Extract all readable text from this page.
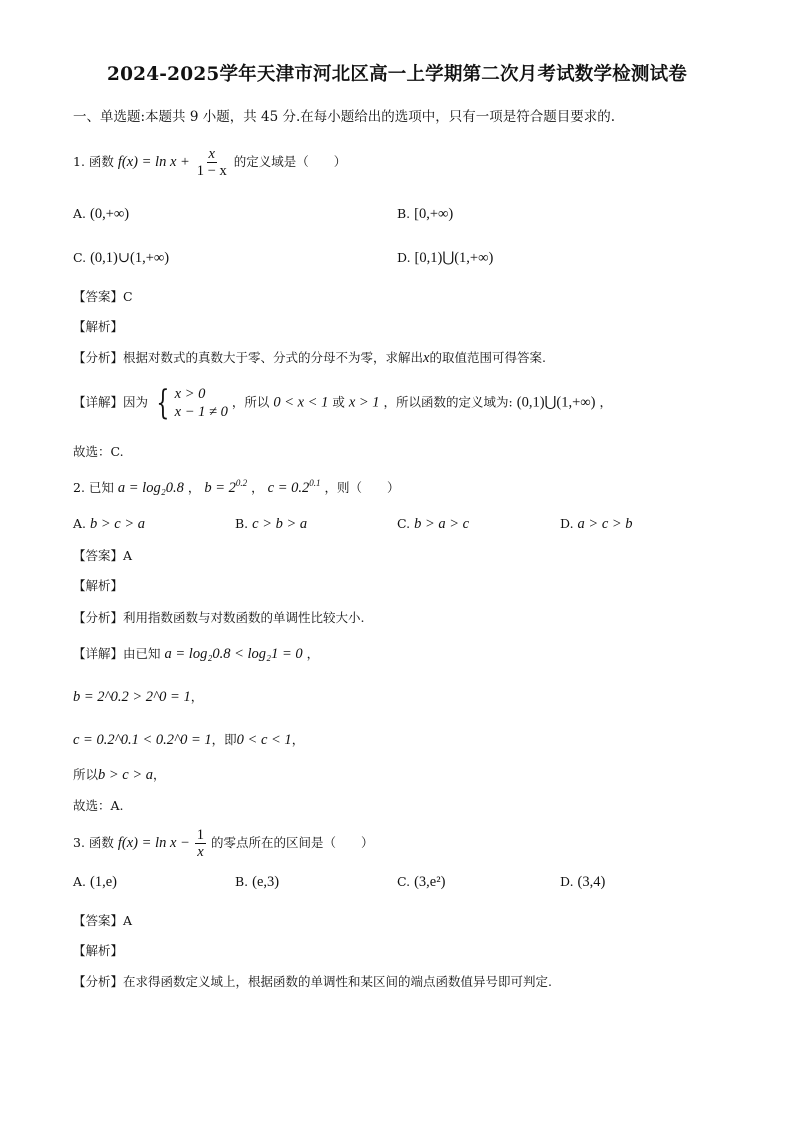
2024-2025学年天津市河北区高一上学期第二次月考试数学检测试卷
一、单选题:本题共 9 小题，共 45 分.在每小题给出的选项中，只有一项是符合题目要求的.
1. 函数 $f(x) = \ln x + \frac{x}{1 - x}$ 的定义域是（　　）
A. (0,+∞)	B. [0,+∞)
C. (0,1)∪(1,+∞)	D. [0,1)⋃(1,+∞)
【答案】C
【解析】
【分析】根据对数式的真数大于零、分式的分母不为零，求解出x的取值范围可得答案.
【详解】因为 { x > 0
x − 1 ≠ 0
，所以 0 < x < 1 或 x > 1 ，所以函数的定义域为: (0,1)⋃(1,+∞) ，
故选：C.
2. 已知 a = log₂0.8 ， $b = 2^{0.2}$ ， $c = 0.2^{0.1}$ ，则（　　）
A. b > c > a	B. c > b > a	C. b > a > c	D. a > c > b
【答案】A
【解析】
【分析】利用指数函数与对数函数的单调性比较大小.
【详解】由已知 a = log₂0.8 < log₂1 = 0 ，
b = 2^0.2 > 2^0 = 1，
c = 0.2^0.1 < 0.2^0 = 1，即0 < c < 1，
所以b > c > a，
故选：A.
3. 函数 $f(x) = \ln x - \frac{1}{x}$ 的零点所在的区间是（　　）
A. (1,e)	B. (e,3)	C. (3,e²)	D. (3,4)
【答案】A
【解析】
【分析】在求得函数定义域上，根据函数的单调性和某区间的端点函数值异号即可判定.
